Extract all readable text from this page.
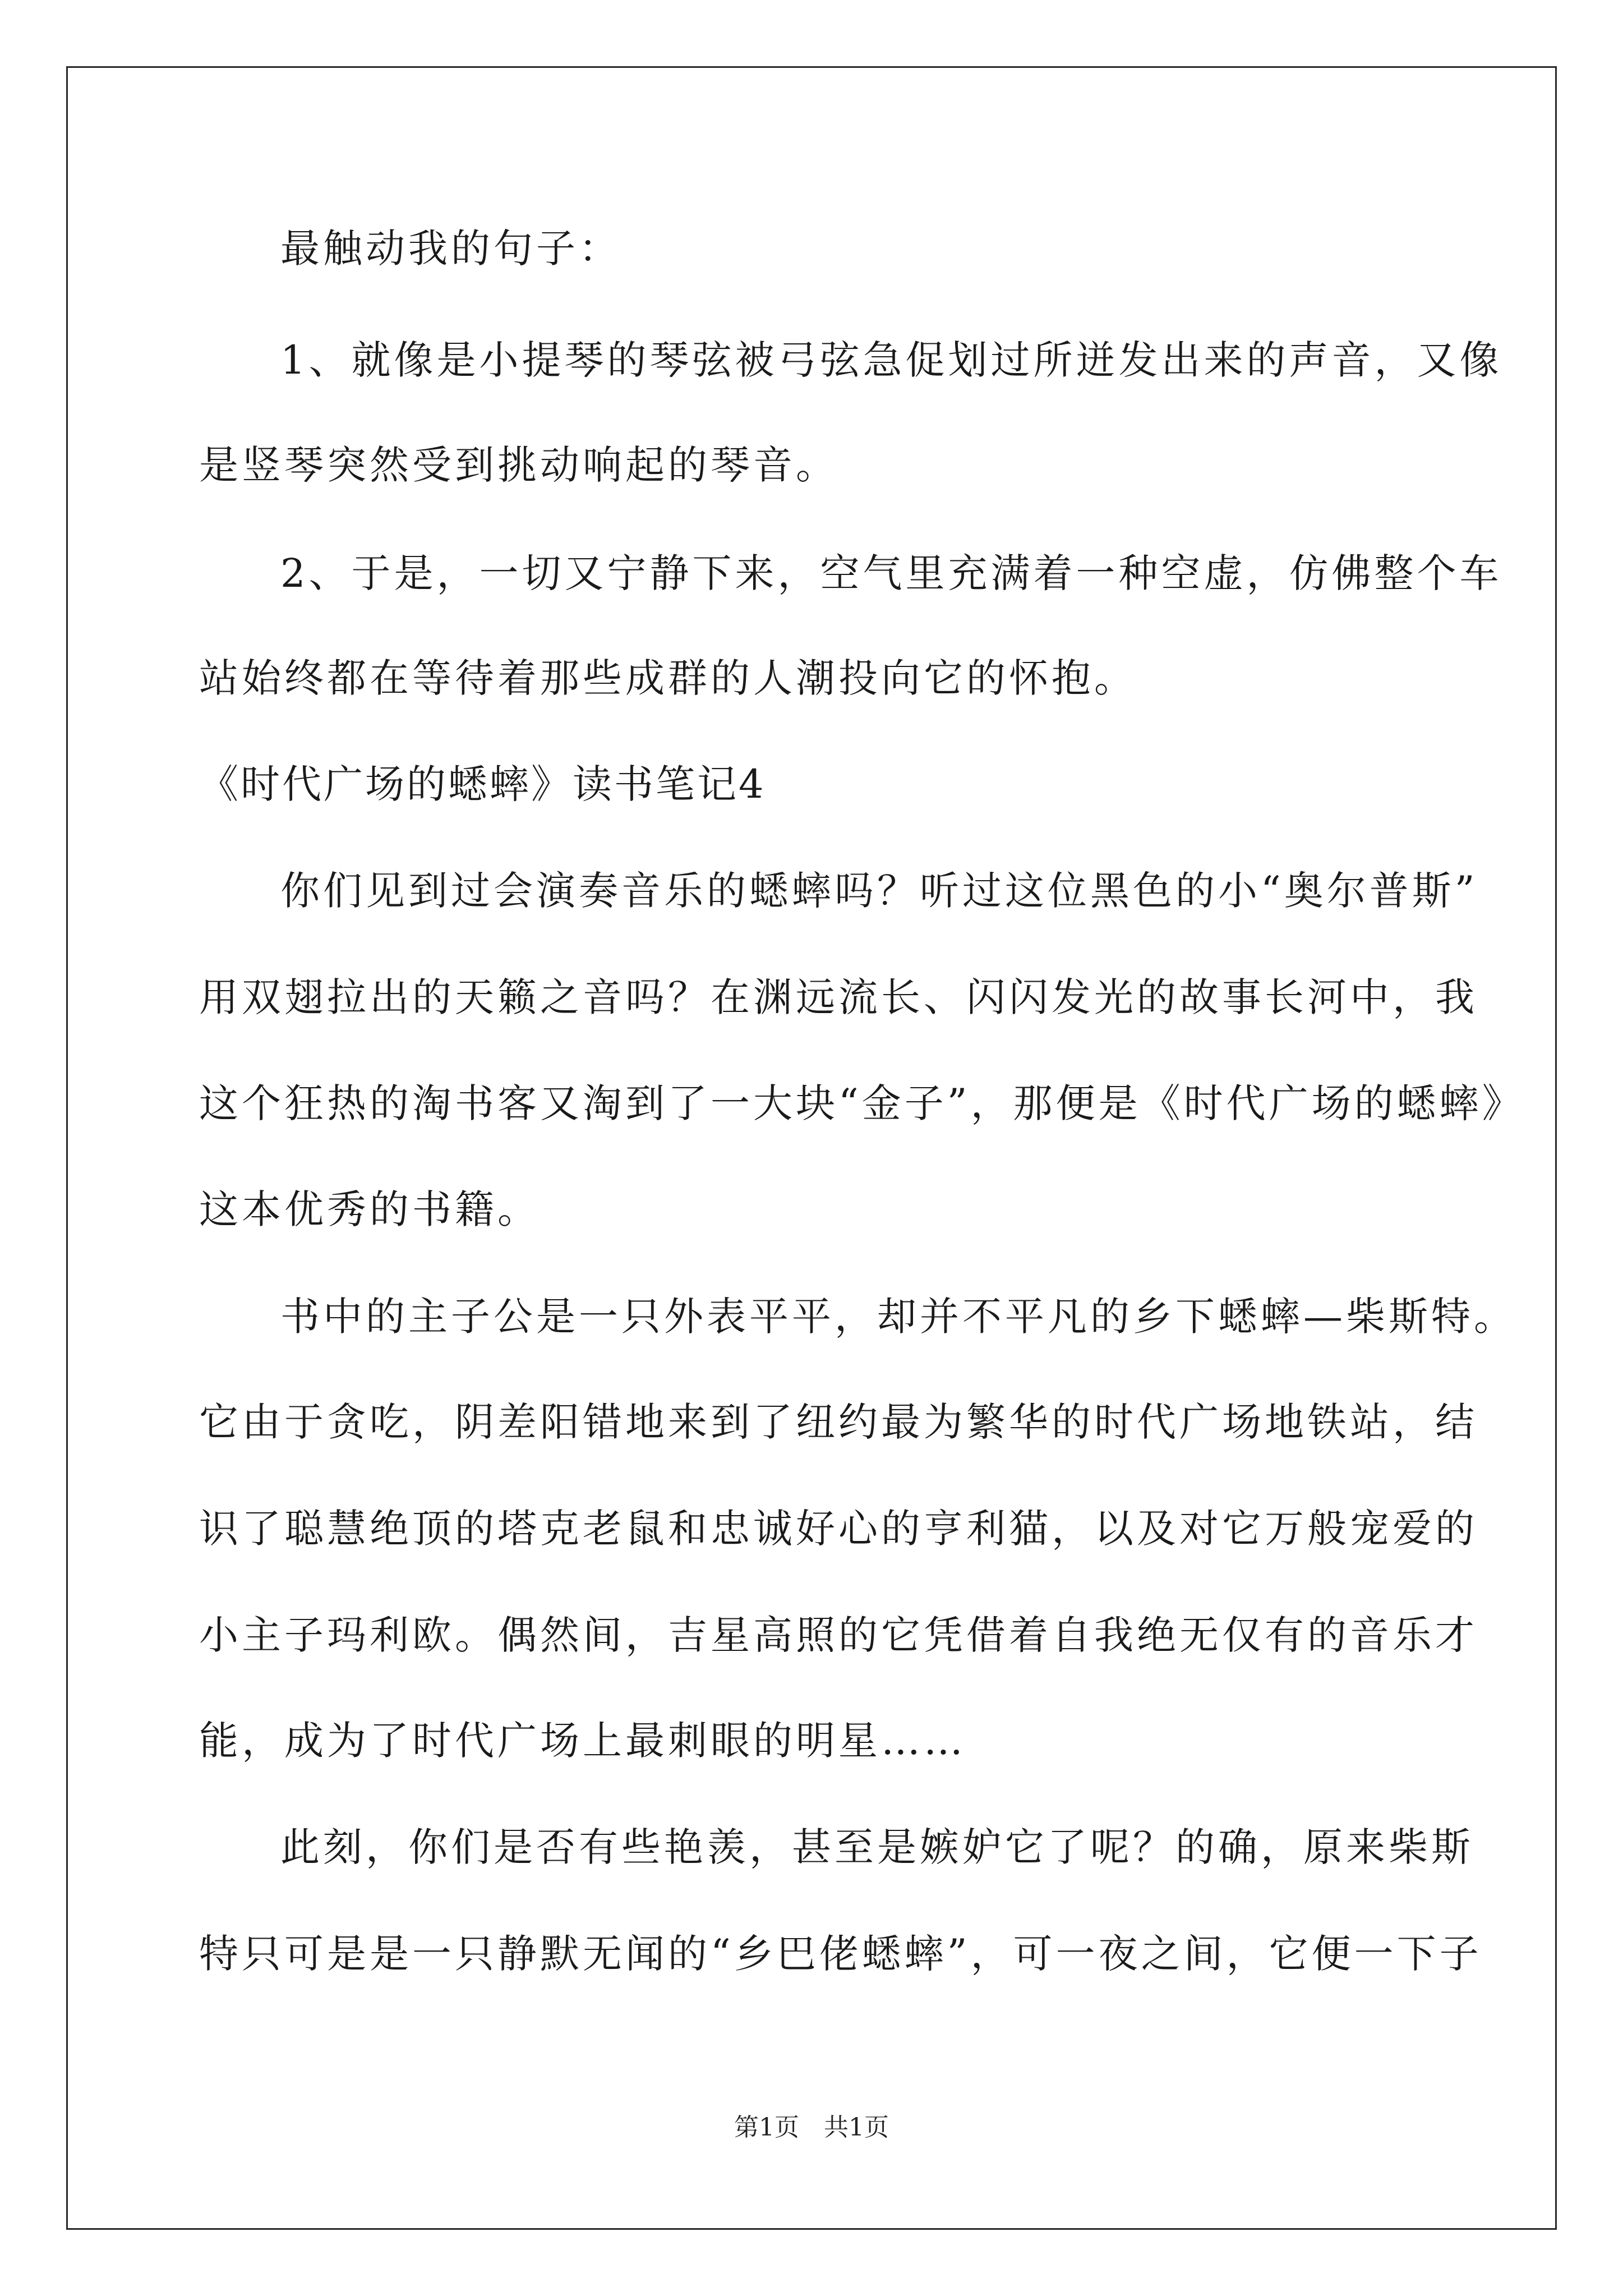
最触动我的句子：
1、就像是小提琴的琴弦被弓弦急促划过所迸发出来的声音，又像
是竖琴突然受到挑动响起的琴音。
2、于是，一切又宁静下来，空气里充满着一种空虚，仿佛整个车
站始终都在等待着那些成群的人潮投向它的怀抱。
《时代广场的蟋蟀》读书笔记4
你们见到过会演奏音乐的蟋蟀吗？听过这位黑色的小“奥尔普斯”
用双翅拉出的天籁之音吗？在渊远流长、闪闪发光的故事长河中，我
这个狂热的淘书客又淘到了一大块“金子”，那便是《时代广场的蟋蟀》
这本优秀的书籍。
书中的主子公是一只外表平平，却并不平凡的乡下蟋蟀—柴斯特。
它由于贪吃，阴差阳错地来到了纽约最为繁华的时代广场地铁站，结
识了聪慧绝顶的塔克老鼠和忠诚好心的亨利猫，以及对它万般宠爱的
小主子玛利欧。偶然间，吉星高照的它凭借着自我绝无仅有的音乐才
能，成为了时代广场上最刺眼的明星……
此刻，你们是否有些艳羡，甚至是嫉妒它了呢？的确，原来柴斯
特只可是是一只静默无闻的“乡巴佬蟋蟀”，可一夜之间，它便一下子
第1页　共1页
